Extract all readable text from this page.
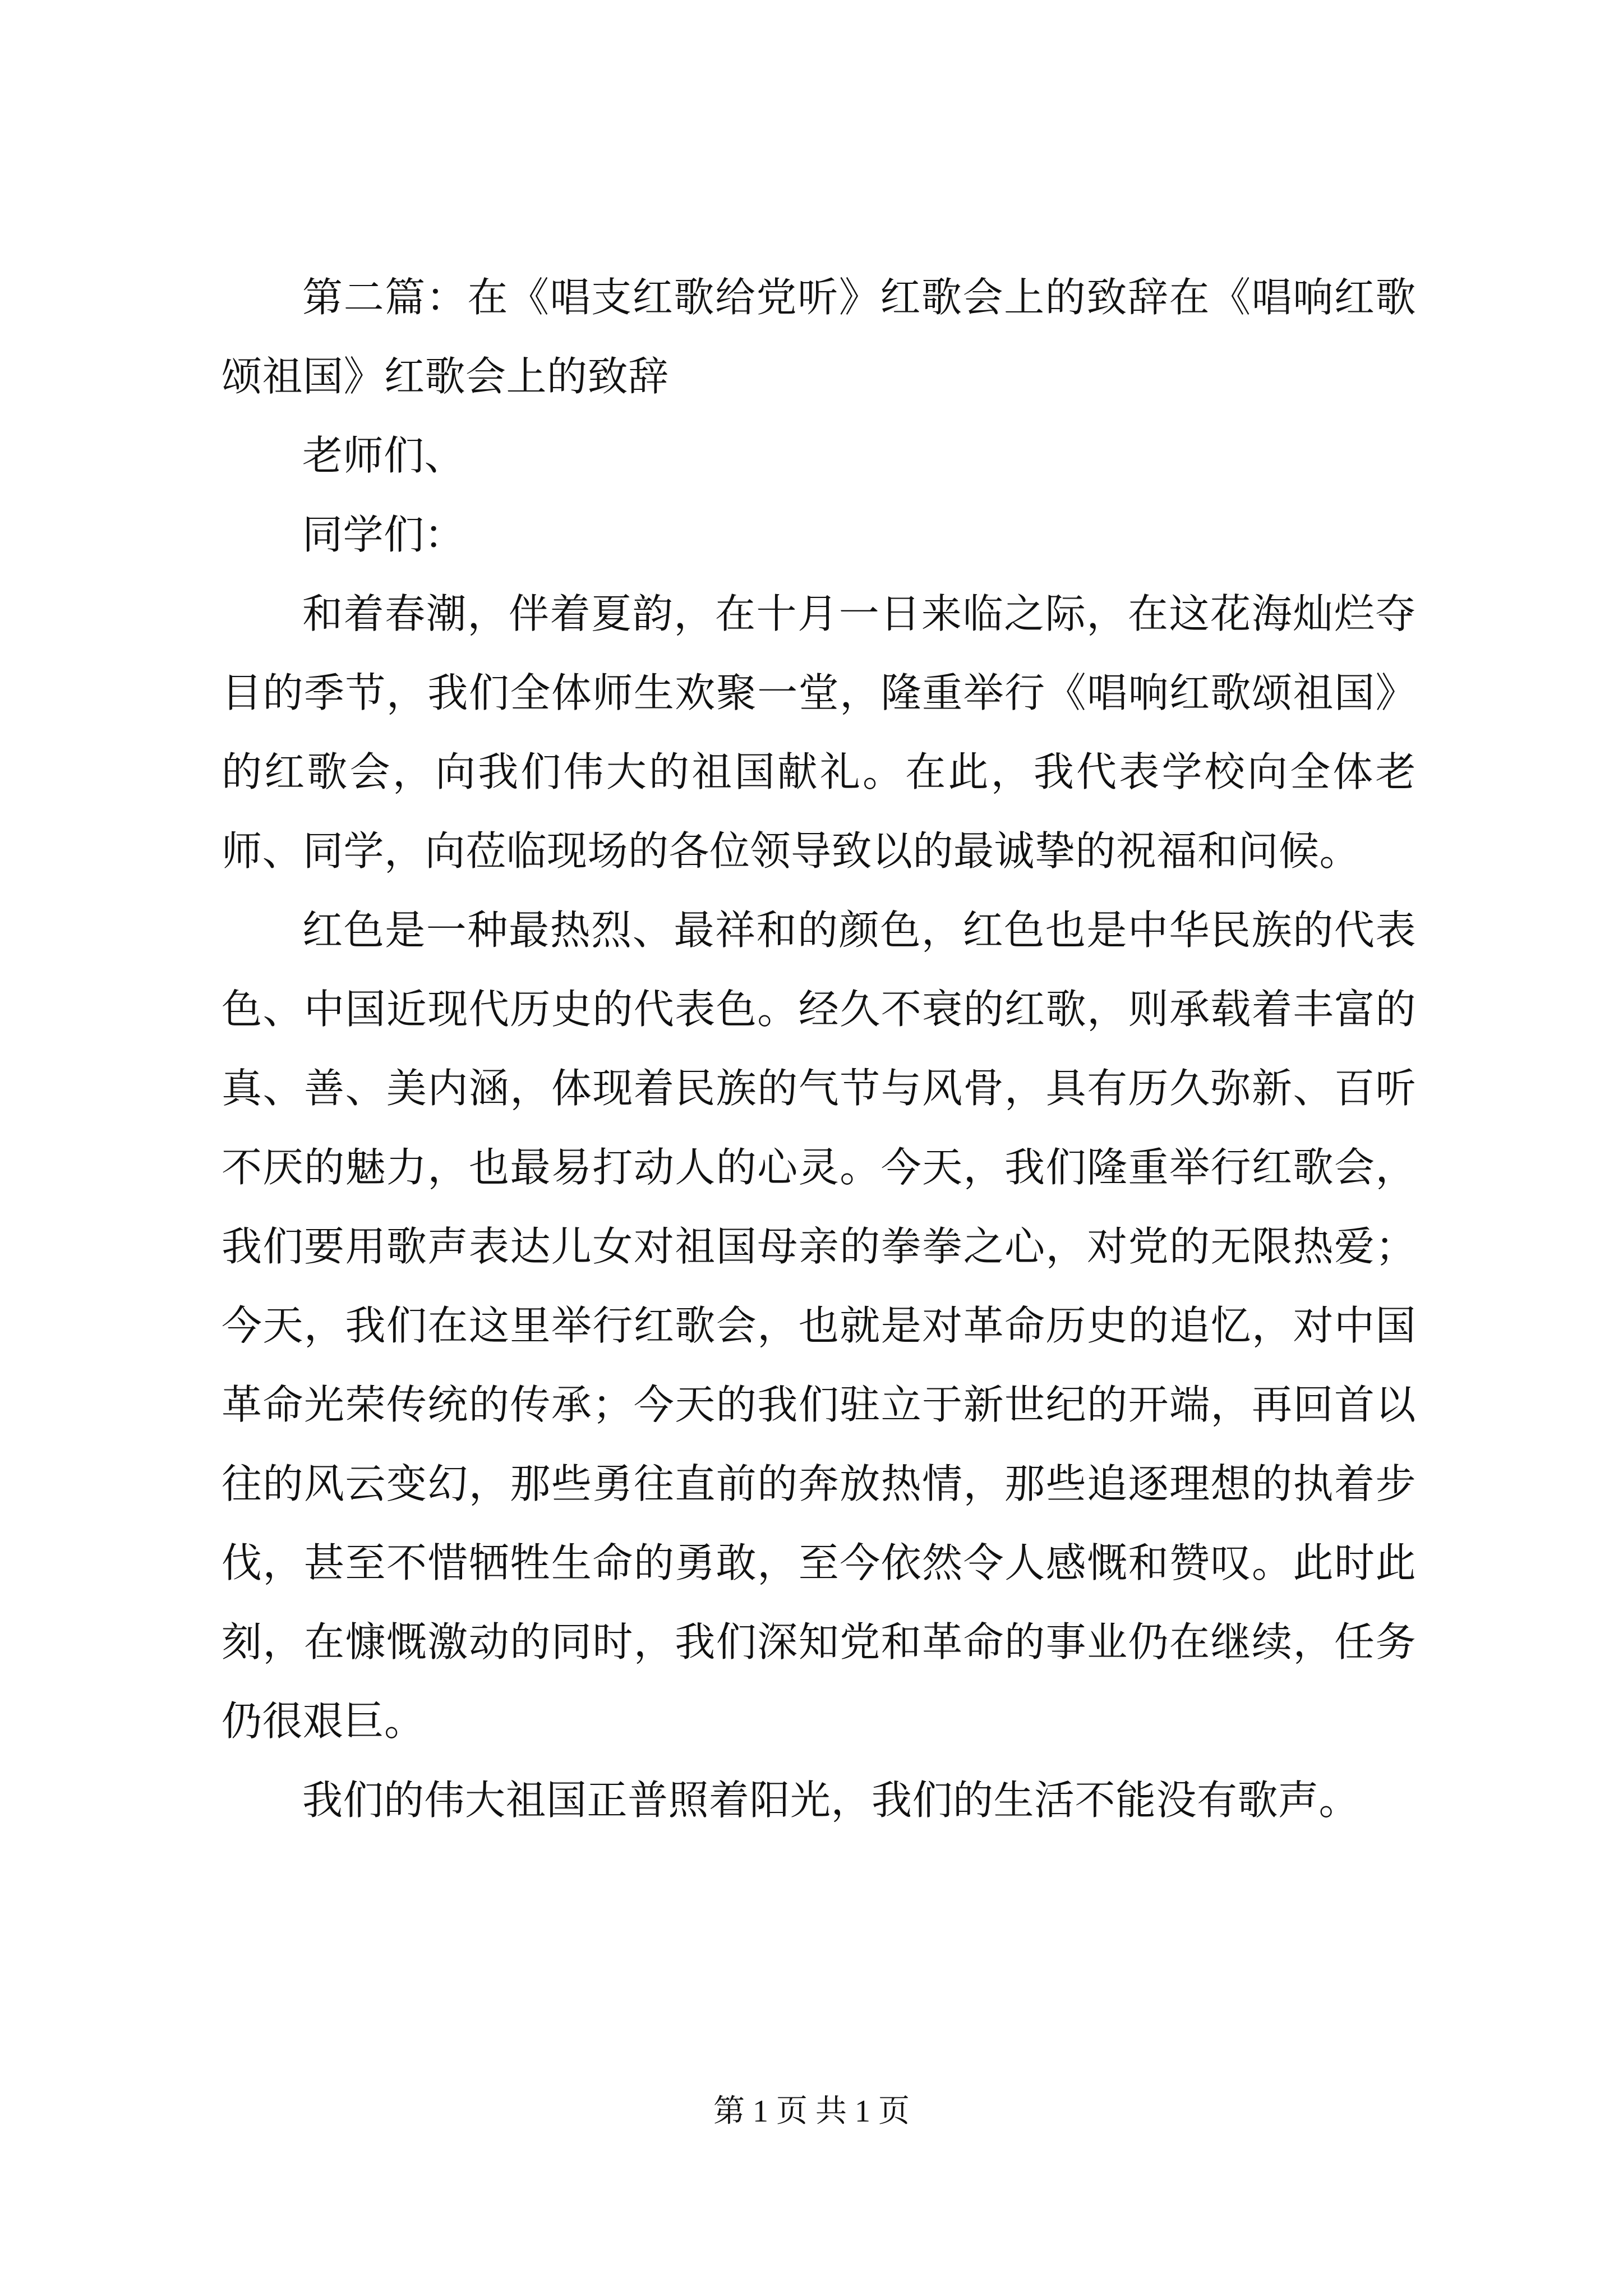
第二篇：在《唱支红歌给党听》红歌会上的致辞在《唱响红歌颂祖国》红歌会上的致辞

老师们、

同学们：

和着春潮，伴着夏韵，在十月一日来临之际，在这花海灿烂夺目的季节，我们全体师生欢聚一堂，隆重举行《唱响红歌颂祖国》的红歌会，向我们伟大的祖国献礼。在此，我代表学校向全体老师、同学，向莅临现场的各位领导致以的最诚挚的祝福和问候。

红色是一种最热烈、最祥和的颜色，红色也是中华民族的代表色、中国近现代历史的代表色。经久不衰的红歌，则承载着丰富的真、善、美内涵，体现着民族的气节与风骨，具有历久弥新、百听不厌的魅力，也最易打动人的心灵。今天，我们隆重举行红歌会，我们要用歌声表达儿女对祖国母亲的拳拳之心，对党的无限热爱；今天，我们在这里举行红歌会，也就是对革命历史的追忆，对中国革命光荣传统的传承；今天的我们驻立于新世纪的开端，再回首以往的风云变幻，那些勇往直前的奔放热情，那些追逐理想的执着步伐，甚至不惜牺牲生命的勇敢，至今依然令人感慨和赞叹。此时此刻，在慷慨激动的同时，我们深知党和革命的事业仍在继续，任务仍很艰巨。

我们的伟大祖国正普照着阳光，我们的生活不能没有歌声。

第 1 页 共 1 页
